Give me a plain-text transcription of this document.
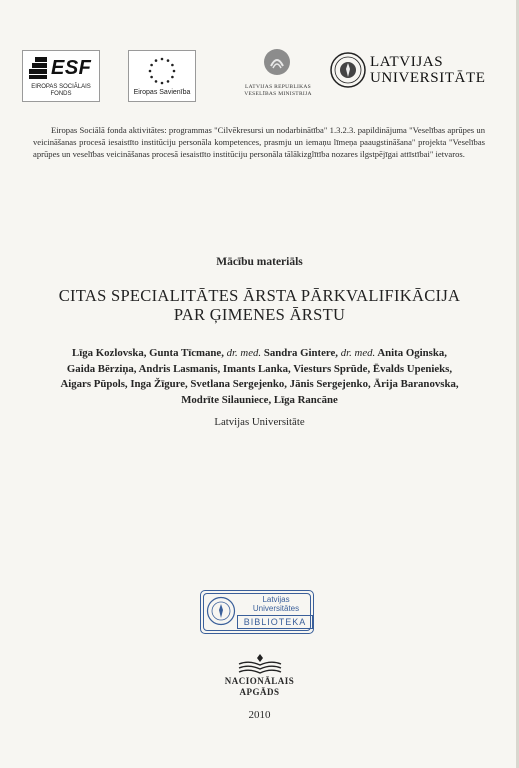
ESF
EIROPAS SOCIĀLAIS FONDS	Eiropas Savienība
LATVIJAS REPUBLIKAS VESELĪBAS MINISTRIJA
LATVIJAS
UNIVERSITĀTE
Eiropas Sociālā fonda aktivitātes: programmas "Cilvēkresursi un nodarbinātība" 1.3.2.3. papildinājuma "Veselības aprūpes un veicināšanas procesā iesaistīto institūciju personāla kompetences, prasmju un iemaņu līmeņa paaugstināšana" projekta "Veselības aprūpes un veselības veicināšanas procesā iesaistīto institūciju personāla tālākizglītība nozares ilgstpējīgai attīstībai" ietvaros.
Mācību materiāls
CITAS SPECIALITĀTES ĀRSTA PĀRKVALIFIKĀCIJA
PAR ĢIMENES ĀRSTU
Līga Kozlovska, Gunta Tīcmane, dr. med. Sandra Gintere, dr. med. Anita Oginska,
Gaida Bērziņa, Andris Lasmanis, Imants Lanka, Viesturs Sprūde, Ēvalds Upenieks,
Aigars Pūpols, Inga Žīgure, Svetlana Sergejenko, Jānis Sergejenko, Ārija Baranovska,
Modrīte Silauniece, Līga Rancāne
Latvijas Universitāte
Latvijas
Universitātes
BIBLIOTEKA
NACIONĀLAIS
APGĀDS
2010
